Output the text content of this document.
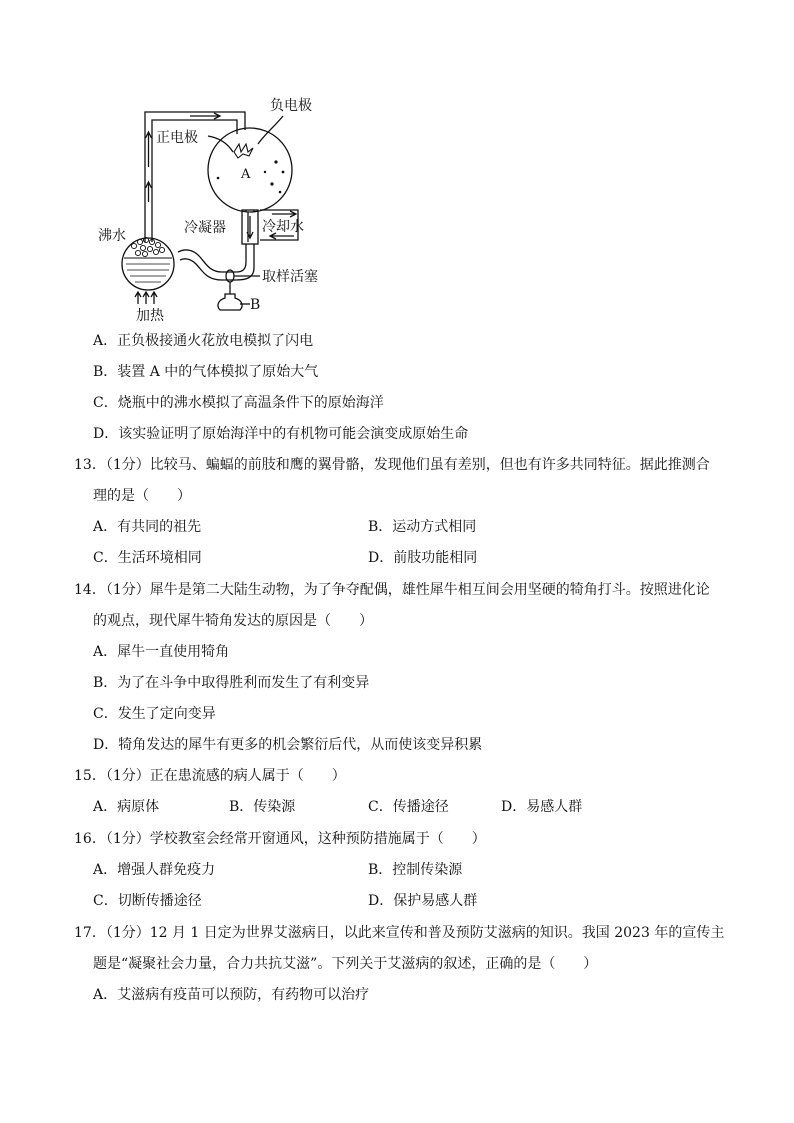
负电极
正电极
A
冷凝器	冷却水
沸水
取样活塞
加热
B
A．正负极接通火花放电模拟了闪电
B．装置 A 中的气体模拟了原始大气
C．烧瓶中的沸水模拟了高温条件下的原始海洋
D．该实验证明了原始海洋中的有机物可能会演变成原始生命
13．（1分）比较马、蝙蝠的前肢和鹰的翼骨骼，发现他们虽有差别，但也有许多共同特征。据此推测合
理的是（　　）
A．有共同的祖先	B．运动方式相同
C．生活环境相同	D．前肢功能相同
14．（1分）犀牛是第二大陆生动物，为了争夺配偶，雄性犀牛相互间会用坚硬的犄角打斗。按照进化论
的观点，现代犀牛犄角发达的原因是（　　）
A．犀牛一直使用犄角
B．为了在斗争中取得胜利而发生了有利变异
C．发生了定向变异
D．犄角发达的犀牛有更多的机会繁衍后代，从而使该变异积累
15．（1分）正在患流感的病人属于（　　）
A．病原体	B．传染源	C．传播途径	D．易感人群
16．（1分）学校教室会经常开窗通风，这种预防措施属于（　　）
A．增强人群免疫力	B．控制传染源
C．切断传播途径	D．保护易感人群
17．（1分）12 月 1 日定为世界艾滋病日，以此来宣传和普及预防艾滋病的知识。我国 2023 年的宣传主
题是“凝聚社会力量，合力共抗艾滋”。下列关于艾滋病的叙述，正确的是（　　）
A．艾滋病有疫苗可以预防，有药物可以治疗
